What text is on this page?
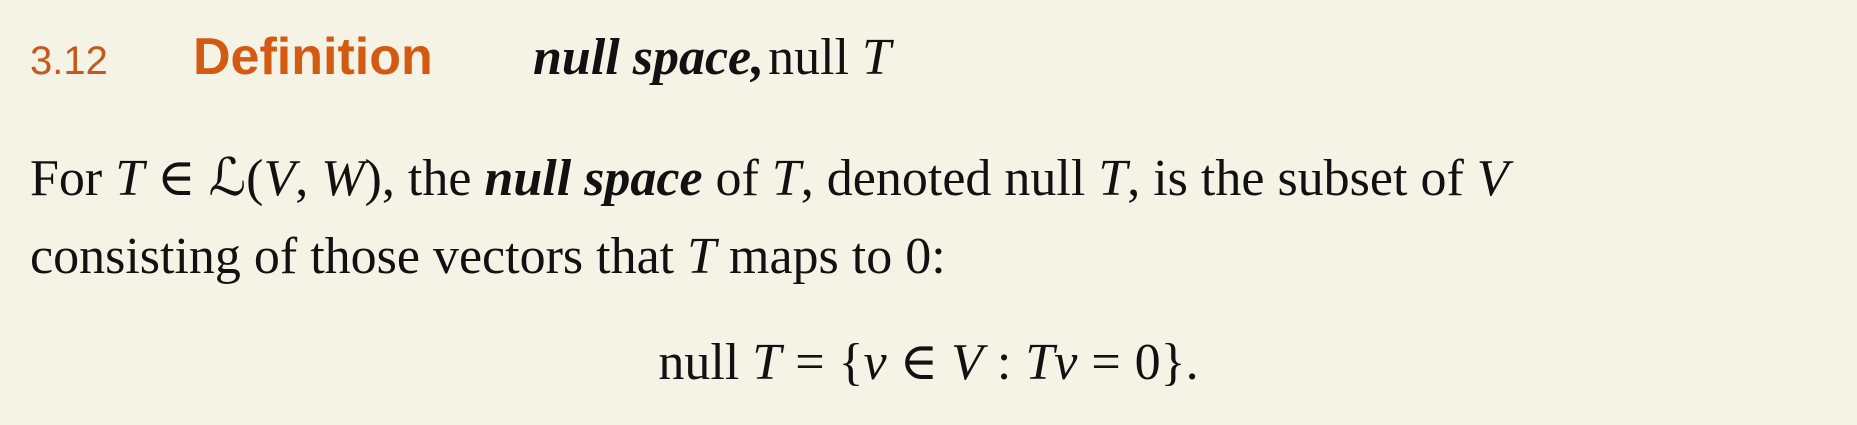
3.12 Definition null space, null T
For T ∈ ℒ(V, W), the null space of T, denoted null T, is the subset of V
consisting of those vectors that T maps to 0:
null T = {v ∈ V : Tv = 0}.
